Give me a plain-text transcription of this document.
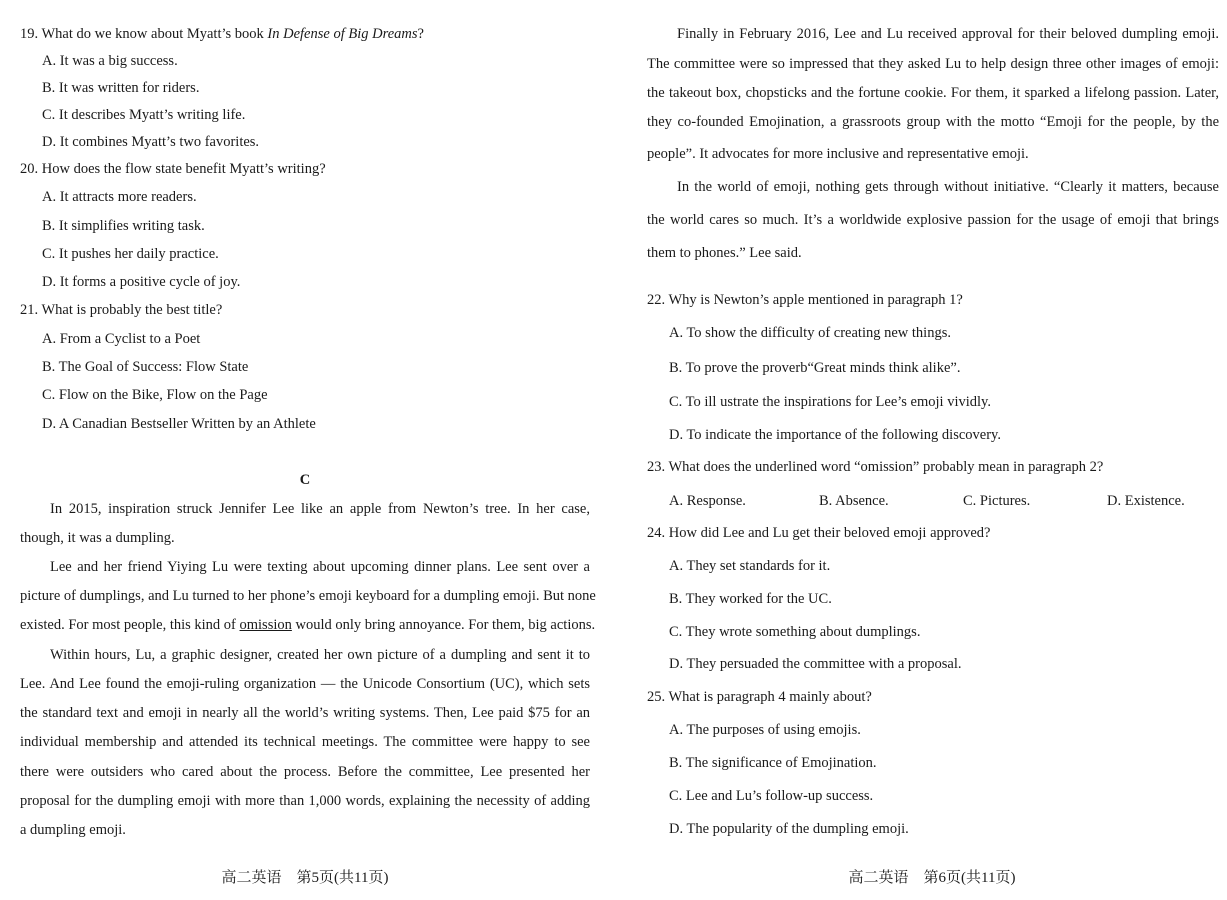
19. What do we know about Myatt’s book In Defense of Big Dreams?
A. It was a big success.
B. It was written for riders.
C. It describes Myatt’s writing life.
D. It combines Myatt’s two favorites.
20. How does the flow state benefit Myatt’s writing?
A. It attracts more readers.
B. It simplifies writing task.
C. It pushes her daily practice.
D. It forms a positive cycle of joy.
21. What is probably the best title?
A. From a Cyclist to a Poet
B. The Goal of Success: Flow State
C. Flow on the Bike, Flow on the Page
D. A Canadian Bestseller Written by an Athlete
C
In 2015, inspiration struck Jennifer Lee like an apple from Newton’s tree. In her case,
though, it was a dumpling.
Lee and her friend Yiying Lu were texting about upcoming dinner plans. Lee sent over a
picture of dumplings, and Lu turned to her phone’s emoji keyboard for a dumpling emoji. But none
existed. For most people, this kind of omission would only bring annoyance. For them, big actions.
Within hours, Lu, a graphic designer, created her own picture of a dumpling and sent it to
Lee. And Lee found the emoji-ruling organization — the Unicode Consortium (UC), which sets
the standard text and emoji in nearly all the world’s writing systems. Then, Lee paid $75 for an
individual membership and attended its technical meetings. The committee were happy to see
there were outsiders who cared about the process. Before the committee, Lee presented her
proposal for the dumpling emoji with more than 1,000 words, explaining the necessity of adding
a dumpling emoji.
高二英语　第5页(共11页)
Finally in February 2016, Lee and Lu received approval for their beloved dumpling emoji.
The committee were so impressed that they asked Lu to help design three other images of emoji:
the takeout box, chopsticks and the fortune cookie. For them, it sparked a lifelong passion. Later,
they co-founded Emojination, a grassroots group with the motto “Emoji for the people, by the
people”. It advocates for more inclusive and representative emoji.
In the world of emoji, nothing gets through without initiative. “Clearly it matters, because
the world cares so much. It’s a worldwide explosive passion for the usage of emoji that brings
them to phones.” Lee said.
22. Why is Newton’s apple mentioned in paragraph 1?
A. To show the difficulty of creating new things.
B. To prove the proverb“Great minds think alike”.
C. To ill ustrate the inspirations for Lee’s emoji vividly.
D. To indicate the importance of the following discovery.
23. What does the underlined word “omission” probably mean in paragraph 2?
A. Response.	B. Absence.	C. Pictures.	D. Existence.
24. How did Lee and Lu get their beloved emoji approved?
A. They set standards for it.
B. They worked for the UC.
C. They wrote something about dumplings.
D. They persuaded the committee with a proposal.
25. What is paragraph 4 mainly about?
A. The purposes of using emojis.
B. The significance of Emojination.
C. Lee and Lu’s follow-up success.
D. The popularity of the dumpling emoji.
高二英语　第6页(共11页)
